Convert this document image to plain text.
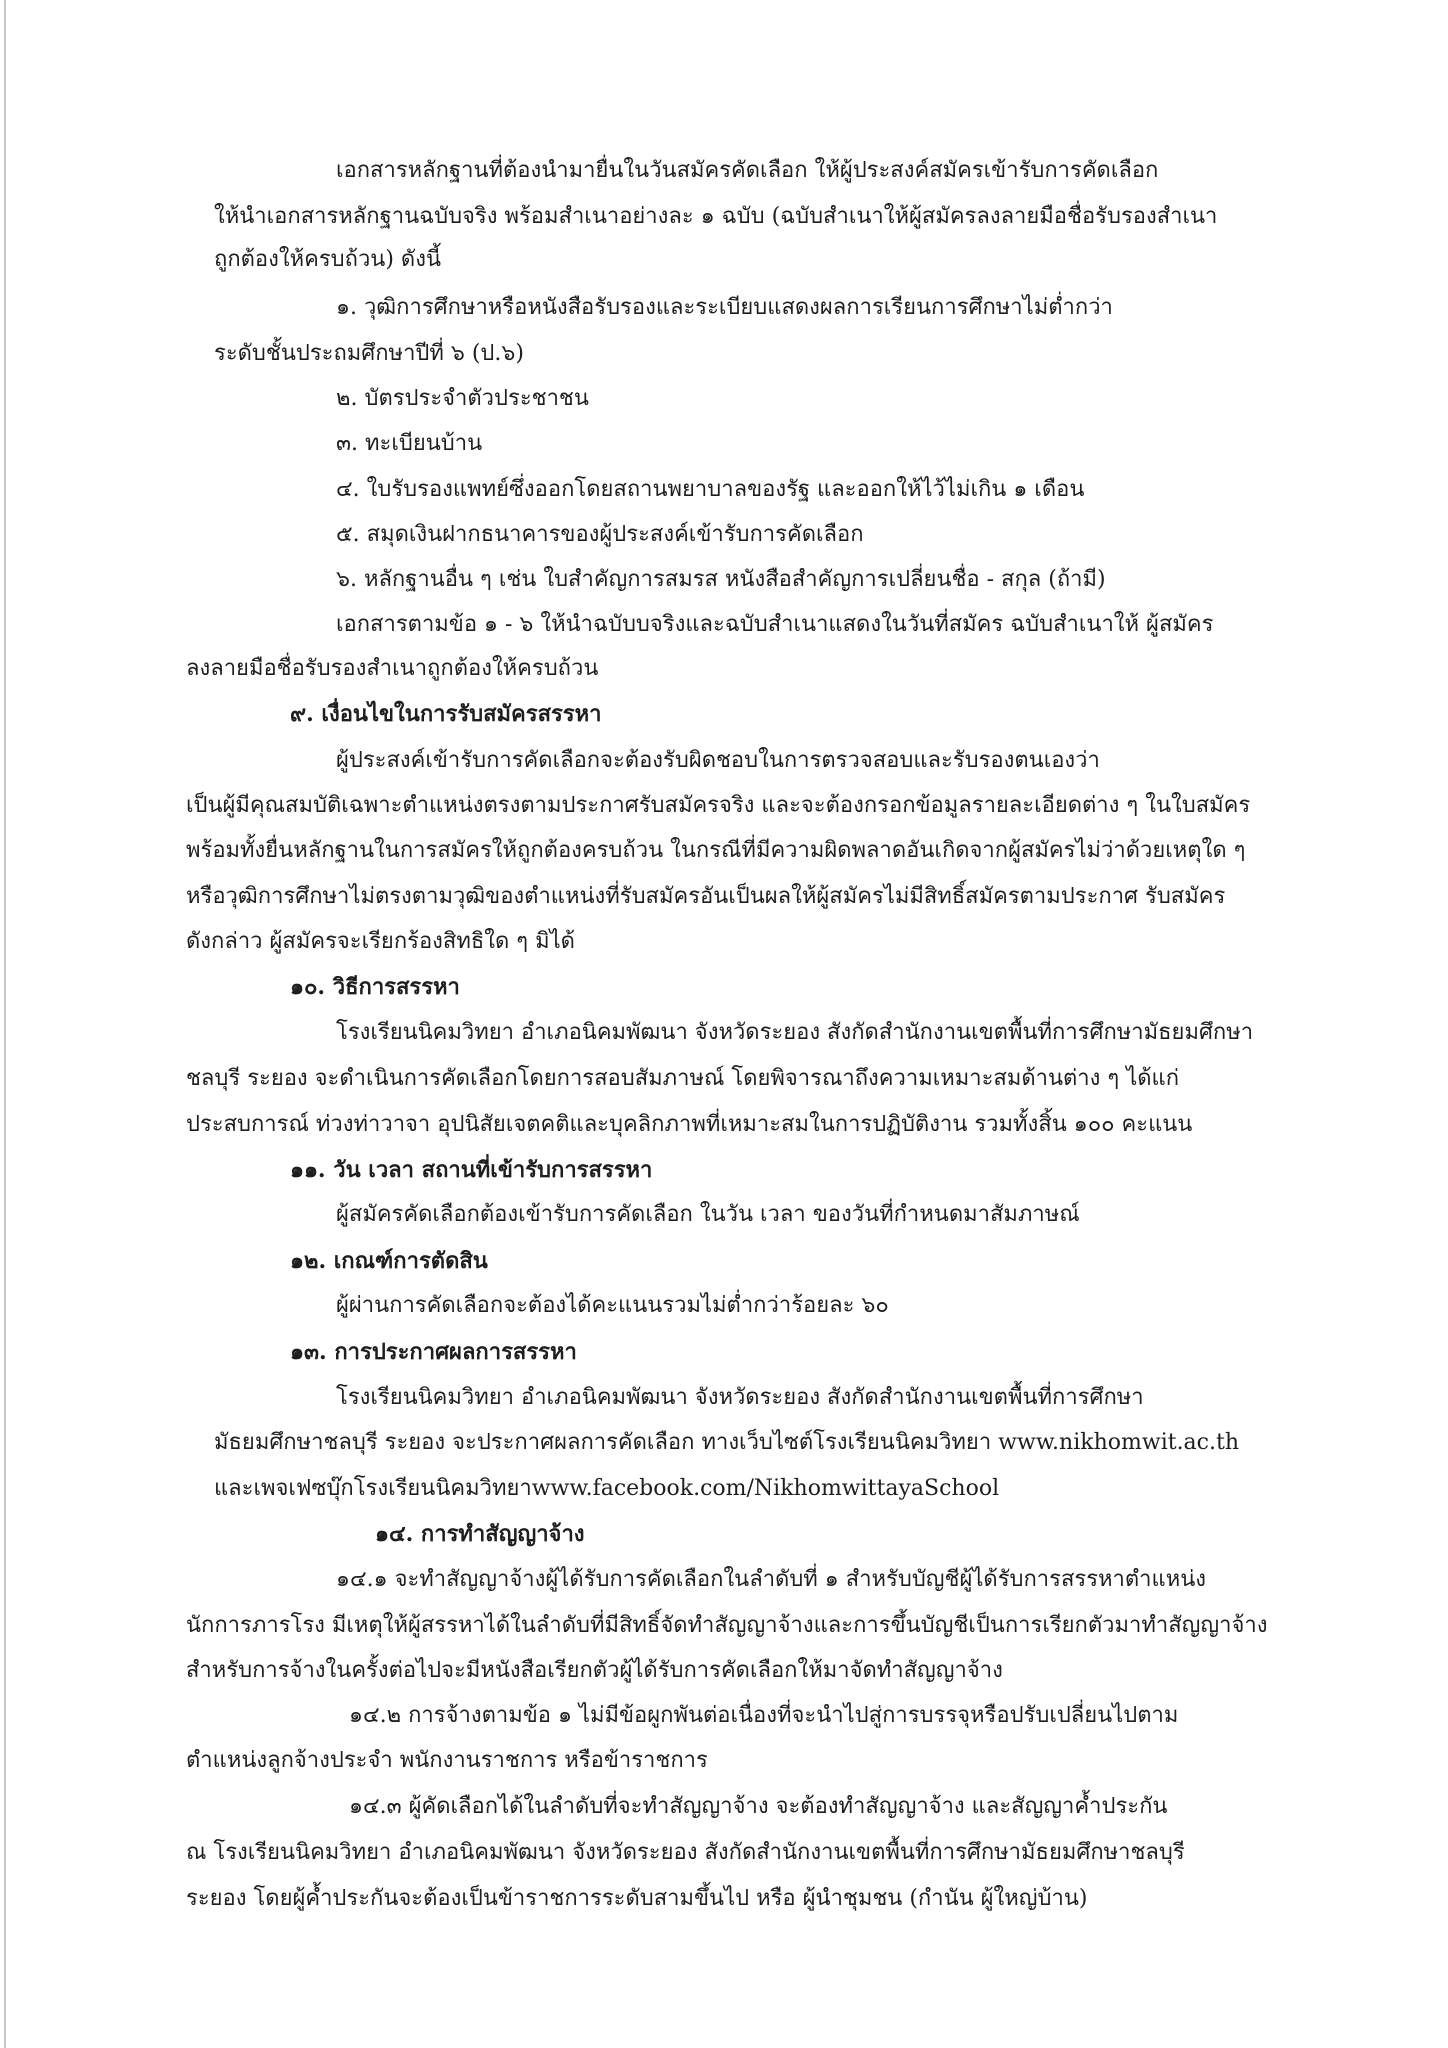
เอกสารหลักฐานที่ต้องนำมายื่นในวันสมัครคัดเลือก ให้ผู้ประสงค์สมัครเข้ารับการคัดเลือก
ให้นำเอกสารหลักฐานฉบับจริง พร้อมสำเนาอย่างละ ๑ ฉบับ (ฉบับสำเนาให้ผู้สมัครลงลายมือชื่อรับรองสำเนา
ถูกต้องให้ครบถ้วน) ดังนี้
๑. วุฒิการศึกษาหรือหนังสือรับรองและระเบียบแสดงผลการเรียนการศึกษาไม่ต่ำกว่า
ระดับชั้นประถมศึกษาปีที่ ๖ (ป.๖)
๒. บัตรประจำตัวประชาชน
๓. ทะเบียนบ้าน
๔. ใบรับรองแพทย์ซึ่งออกโดยสถานพยาบาลของรัฐ และออกให้ไว้ไม่เกิน ๑ เดือน
๕. สมุดเงินฝากธนาคารของผู้ประสงค์เข้ารับการคัดเลือก
๖. หลักฐานอื่น ๆ เช่น ใบสำคัญการสมรส หนังสือสำคัญการเปลี่ยนชื่อ - สกุล (ถ้ามี)
เอกสารตามข้อ ๑ - ๖ ให้นำฉบับบจริงและฉบับสำเนาแสดงในวันที่สมัคร ฉบับสำเนาให้ ผู้สมัคร
ลงลายมือชื่อรับรองสำเนาถูกต้องให้ครบถ้วน
๙. เงื่อนไขในการรับสมัครสรรหา
ผู้ประสงค์เข้ารับการคัดเลือกจะต้องรับผิดชอบในการตรวจสอบและรับรองตนเองว่า
เป็นผู้มีคุณสมบัติเฉพาะตำแหน่งตรงตามประกาศรับสมัครจริง และจะต้องกรอกข้อมูลรายละเอียดต่าง ๆ ในใบสมัคร
พร้อมทั้งยื่นหลักฐานในการสมัครให้ถูกต้องครบถ้วน ในกรณีที่มีความผิดพลาดอันเกิดจากผู้สมัครไม่ว่าด้วยเหตุใด ๆ
หรือวุฒิการศึกษาไม่ตรงตามวุฒิของตำแหน่งที่รับสมัครอันเป็นผลให้ผู้สมัครไม่มีสิทธิ์สมัครตามประกาศ รับสมัคร
ดังกล่าว ผู้สมัครจะเรียกร้องสิทธิใด ๆ มิได้
๑๐. วิธีการสรรหา
โรงเรียนนิคมวิทยา อำเภอนิคมพัฒนา จังหวัดระยอง สังกัดสำนักงานเขตพื้นที่การศึกษามัธยมศึกษา
ชลบุรี ระยอง จะดำเนินการคัดเลือกโดยการสอบสัมภาษณ์ โดยพิจารณาถึงความเหมาะสมด้านต่าง ๆ ได้แก่
ประสบการณ์ ท่วงท่าวาจา อุปนิสัยเจตคติและบุคลิกภาพที่เหมาะสมในการปฏิบัติงาน รวมทั้งสิ้น ๑๐๐ คะแนน
๑๑. วัน เวลา สถานที่เข้ารับการสรรหา
ผู้สมัครคัดเลือกต้องเข้ารับการคัดเลือก ในวัน เวลา ของวันที่กำหนดมาสัมภาษณ์
๑๒. เกณฑ์การตัดสิน
ผู้ผ่านการคัดเลือกจะต้องได้คะแนนรวมไม่ต่ำกว่าร้อยละ ๖๐
๑๓. การประกาศผลการสรรหา
โรงเรียนนิคมวิทยา อำเภอนิคมพัฒนา จังหวัดระยอง สังกัดสำนักงานเขตพื้นที่การศึกษา
มัธยมศึกษาชลบุรี ระยอง จะประกาศผลการคัดเลือก ทางเว็บไซต์โรงเรียนนิคมวิทยา www.nikhomwit.ac.th
และเพจเฟซบุ๊กโรงเรียนนิคมวิทยาwww.facebook.com/NikhomwittayaSchool
๑๔. การทำสัญญาจ้าง
๑๔.๑ จะทำสัญญาจ้างผู้ได้รับการคัดเลือกในลำดับที่ ๑ สำหรับบัญชีผู้ได้รับการสรรหาตำแหน่ง
นักการภารโรง มีเหตุให้ผู้สรรหาได้ในลำดับที่มีสิทธิ์จัดทำสัญญาจ้างและการขึ้นบัญชีเป็นการเรียกตัวมาทำสัญญาจ้าง
สำหรับการจ้างในครั้งต่อไปจะมีหนังสือเรียกตัวผู้ได้รับการคัดเลือกให้มาจัดทำสัญญาจ้าง
๑๔.๒ การจ้างตามข้อ ๑ ไม่มีข้อผูกพันต่อเนื่องที่จะนำไปสู่การบรรจุหรือปรับเปลี่ยนไปตาม
ตำแหน่งลูกจ้างประจำ พนักงานราชการ หรือข้าราชการ
๑๔.๓ ผู้คัดเลือกได้ในลำดับที่จะทำสัญญาจ้าง จะต้องทำสัญญาจ้าง และสัญญาค้ำประกัน
ณ โรงเรียนนิคมวิทยา อำเภอนิคมพัฒนา จังหวัดระยอง สังกัดสำนักงานเขตพื้นที่การศึกษามัธยมศึกษาชลบุรี
ระยอง โดยผู้ค้ำประกันจะต้องเป็นข้าราชการระดับสามขึ้นไป หรือ ผู้นำชุมชน (กำนัน ผู้ใหญ่บ้าน)
